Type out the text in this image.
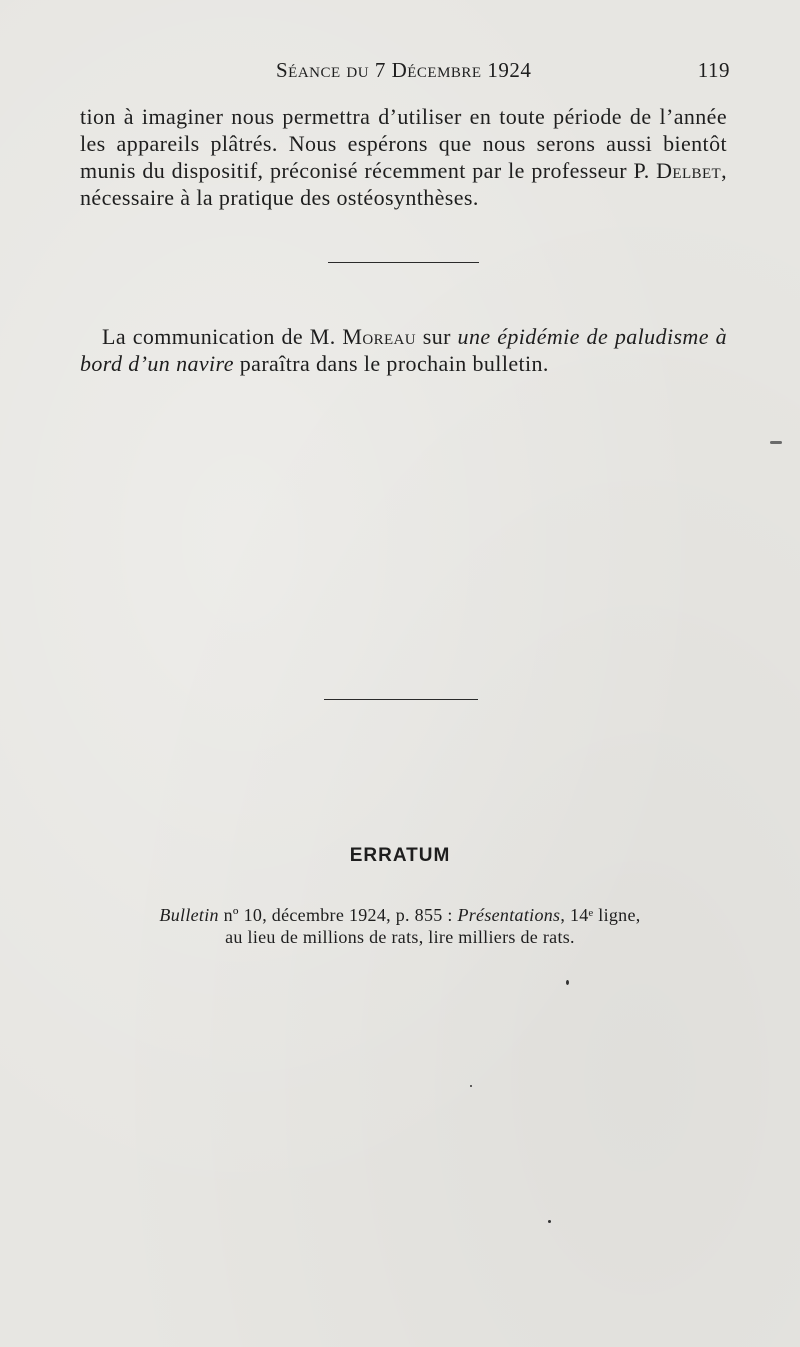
Séance du 7 Décembre 1924	119

tion à imaginer nous permettra d’utiliser en toute période de l’année les appareils plâtrés. Nous espérons que nous serons aussi bientôt munis du dispositif, préconisé récemment par le professeur P. Delbet, nécessaire à la pratique des ostéosynthèses.

La communication de M. Moreau sur une épidémie de paludisme à bord d’un navire paraîtra dans le prochain bulletin.

ERRATUM
Bulletin nº 10, décembre 1924, p. 855 : Présentations, 14ᵉ ligne,
au lieu de millions de rats, lire milliers de rats.
